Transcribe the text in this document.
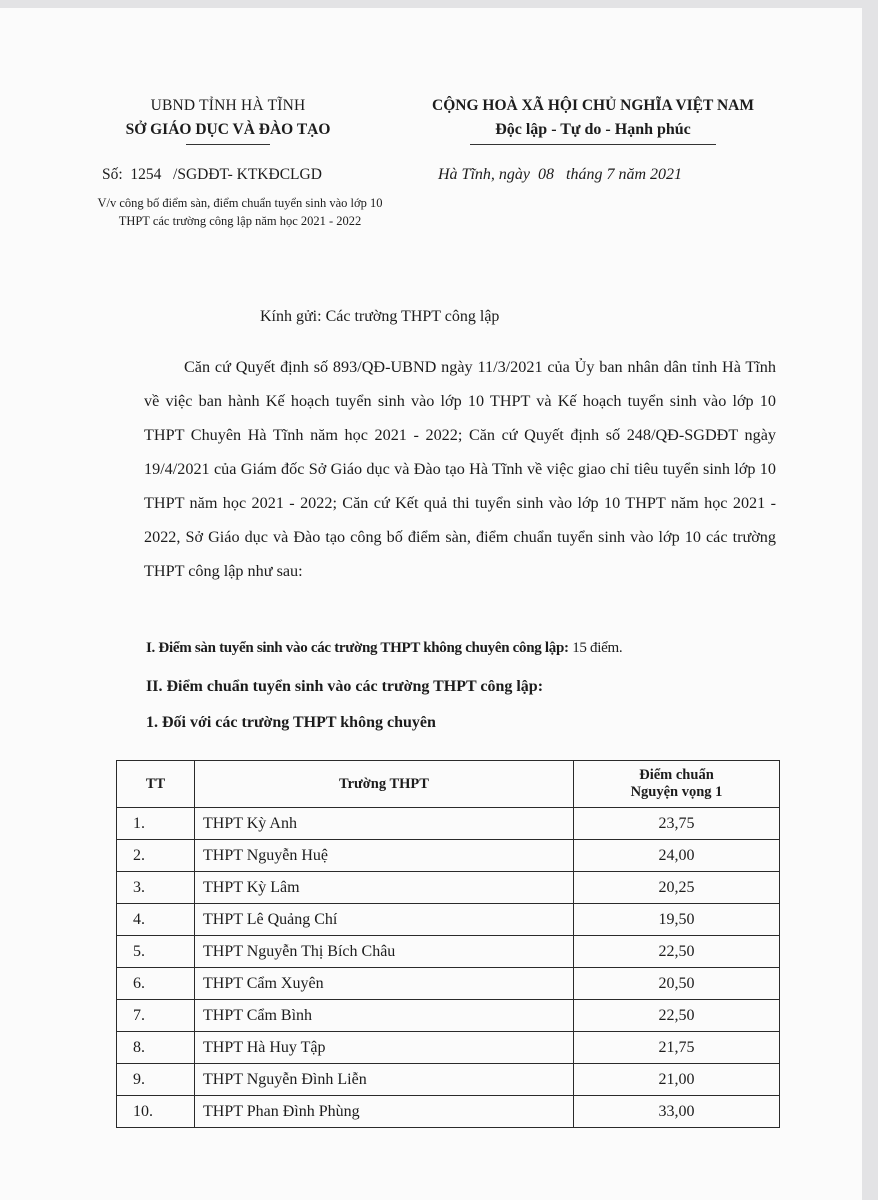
UBND TỈNH HÀ TĨNH
SỞ GIÁO DỤC VÀ ĐÀO TẠO
CỘNG HOÀ XÃ HỘI CHỦ NGHĨA VIỆT NAM
Độc lập - Tự do - Hạnh phúc
Số:  1254   /SGDĐT- KTKĐCLGD
V/v công bố điểm sàn, điểm chuẩn tuyển sinh vào lớp 10 THPT các trường công lập năm học 2021 - 2022
Hà Tĩnh, ngày  08   tháng 7 năm 2021
Kính gửi: Các trường THPT công lập
Căn cứ Quyết định số 893/QĐ-UBND ngày 11/3/2021 của Ủy ban nhân dân tỉnh Hà Tĩnh về việc ban hành Kế hoạch tuyển sinh vào lớp 10 THPT và Kế hoạch tuyển sinh vào lớp 10 THPT Chuyên Hà Tĩnh năm học 2021 - 2022; Căn cứ Quyết định số 248/QĐ-SGDĐT ngày 19/4/2021 của Giám đốc Sở Giáo dục và Đào tạo Hà Tĩnh về việc giao chỉ tiêu tuyển sinh lớp 10 THPT năm học 2021 - 2022; Căn cứ Kết quả thi tuyển sinh vào lớp 10 THPT năm học 2021 - 2022, Sở Giáo dục và Đào tạo công bố điểm sàn, điểm chuẩn tuyển sinh vào lớp 10 các trường THPT công lập như sau:
I. Điểm sàn tuyển sinh vào các trường THPT không chuyên công lập: 15 điểm.
II. Điểm chuẩn tuyển sinh vào các trường THPT công lập:
1. Đối với các trường THPT không chuyên
TT	Trường THPT	Điểm chuẩn
Nguyện vọng 1

1.	THPT Kỳ Anh	23,75
2.	THPT Nguyễn Huệ	24,00
3.	THPT Kỳ Lâm	20,25
4.	THPT Lê Quảng Chí	19,50
5.	THPT Nguyễn Thị Bích Châu	22,50
6.	THPT Cẩm Xuyên	20,50
7.	THPT Cẩm Bình	22,50
8.	THPT Hà Huy Tập	21,75
9.	THPT Nguyễn Đình Liễn	21,00
10.	THPT Phan Đình Phùng	33,00
